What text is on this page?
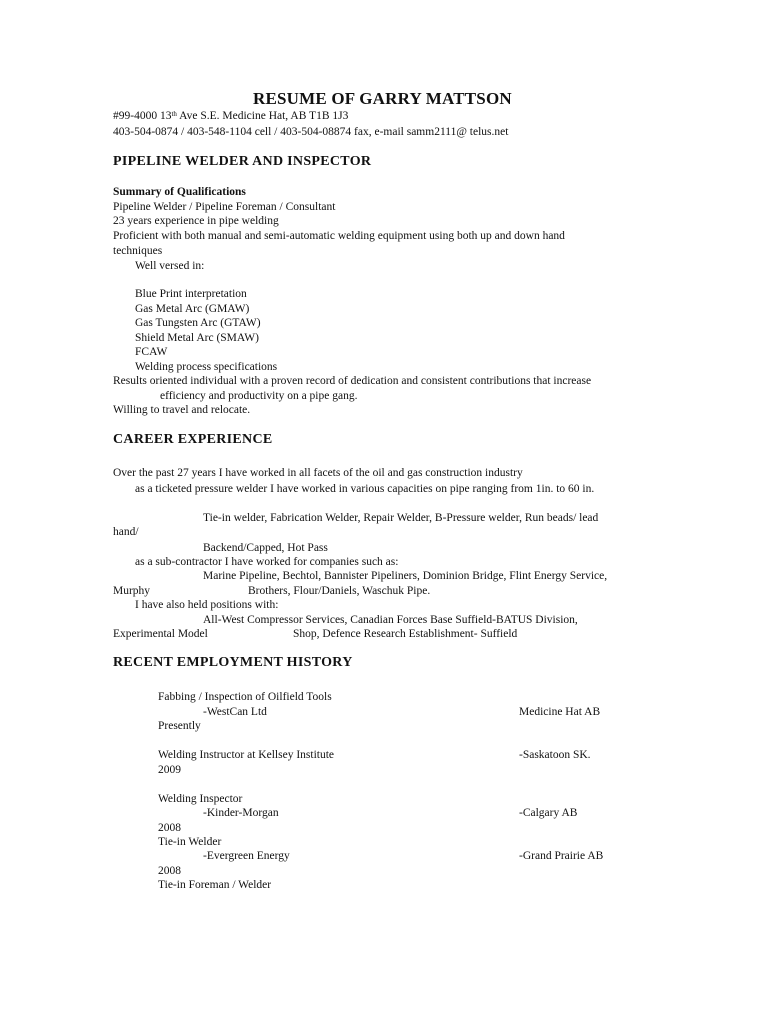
RESUME OF GARRY MATTSON
#99-4000 13th Ave S.E. Medicine Hat, AB T1B 1J3
403-504-0874 / 403-548-1104 cell / 403-504-08874 fax, e-mail samm2111@ telus.net
PIPELINE WELDER AND INSPECTOR
Summary of Qualifications
Pipeline Welder / Pipeline Foreman / Consultant
23 years experience in pipe welding
Proficient with both manual and semi-automatic welding equipment using both up and down hand
techniques
Well versed in:
Blue Print interpretation
Gas Metal Arc (GMAW)
Gas Tungsten Arc (GTAW)
Shield Metal Arc (SMAW)
FCAW
Welding process specifications
Results oriented individual with a proven record of dedication and consistent contributions that increase
efficiency and productivity on a pipe gang.
Willing to travel and relocate.
CAREER EXPERIENCE
Over the past 27 years I have worked in all facets of the oil and gas construction industry
as a ticketed pressure welder I have worked in various capacities on pipe ranging from 1in. to 60 in.
Tie-in welder, Fabrication Welder, Repair Welder, B-Pressure welder, Run beads/ lead
hand/
Backend/Capped, Hot Pass
as a sub-contractor I have worked for companies such as:
Marine Pipeline, Bechtol, Bannister Pipeliners, Dominion Bridge, Flint Energy Service,
Murphy	Brothers, Flour/Daniels, Waschuk Pipe.
I have also held positions with:
All-West Compressor Services, Canadian Forces Base Suffield-BATUS Division,
Experimental Model	Shop, Defence Research Establishment- Suffield
RECENT EMPLOYMENT HISTORY
Fabbing / Inspection of Oilfield Tools
-WestCan Ltd	Medicine Hat AB
Presently
Welding Instructor at Kellsey Institute	-Saskatoon SK.
2009
Welding Inspector
-Kinder-Morgan	-Calgary AB
2008
Tie-in Welder
-Evergreen Energy	-Grand Prairie AB
2008
Tie-in Foreman / Welder
